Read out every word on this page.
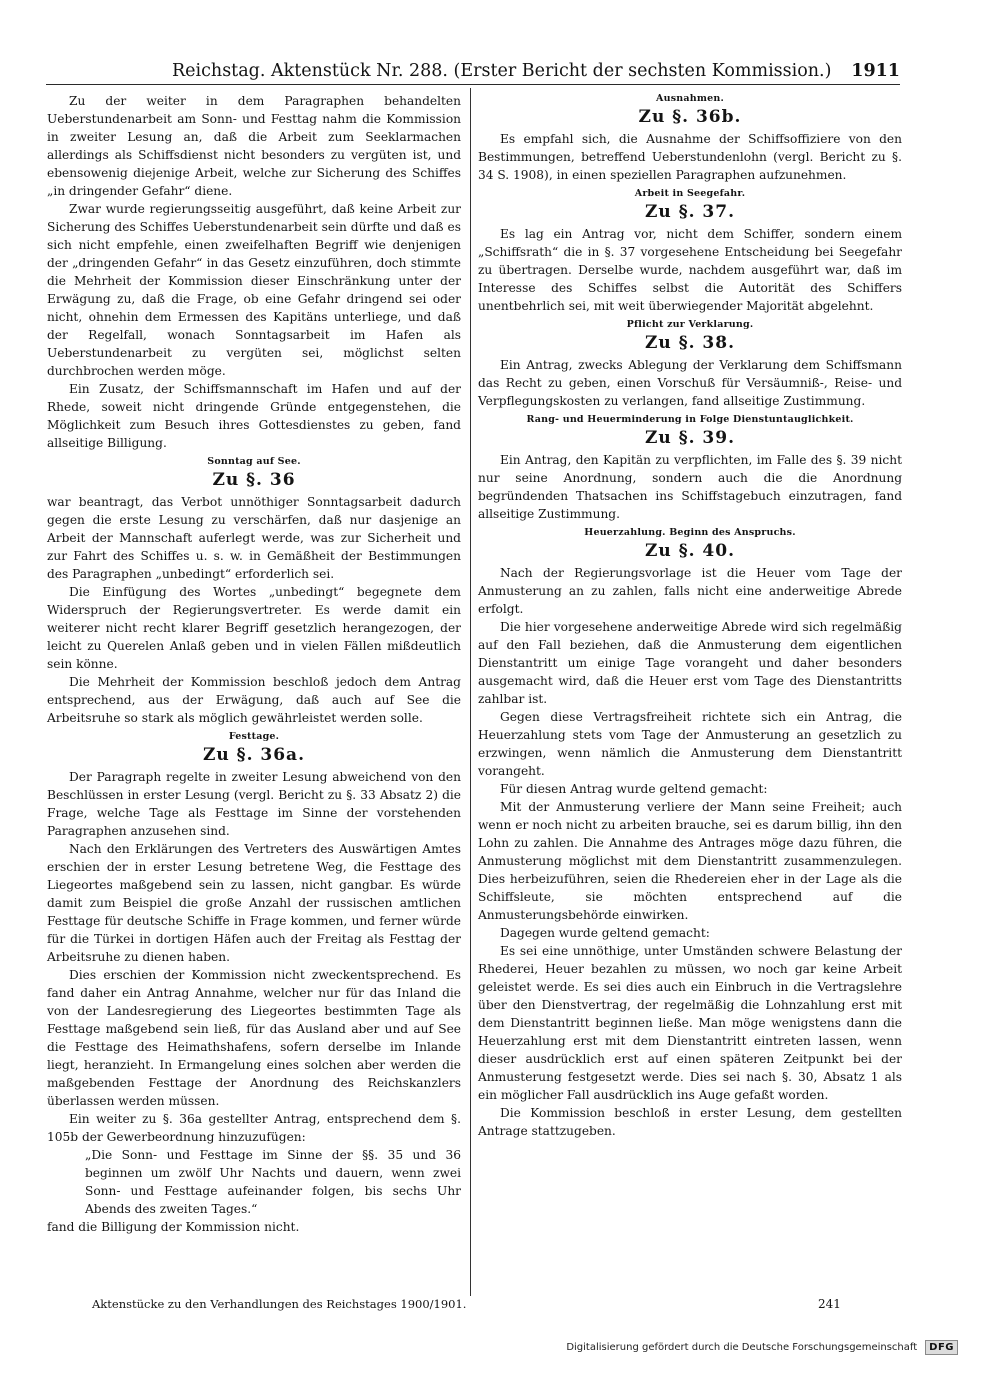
Reichstag. Aktenstück Nr. 288. (Erster Bericht der sechsten Kommission.) 1911

Zu der weiter in dem Paragraphen behandelten Ueberstundenarbeit am Sonn- und Festtag nahm die Kommission in zweiter Lesung an, daß die Arbeit zum Seeklarmachen allerdings als Schiffsdienst nicht besonders zu vergüten ist, und ebensowenig diejenige Arbeit, welche zur Sicherung des Schiffes „in dringender Gefahr“ diene.

Zwar wurde regierungsseitig ausgeführt, daß keine Arbeit zur Sicherung des Schiffes Ueberstundenarbeit sein dürfte und daß es sich nicht empfehle, einen zweifelhaften Begriff wie denjenigen der „dringenden Gefahr“ in das Gesetz einzuführen, doch stimmte die Mehrheit der Kommission dieser Einschränkung unter der Erwägung zu, daß die Frage, ob eine Gefahr dringend sei oder nicht, ohnehin dem Ermessen des Kapitäns unterliege, und daß der Regelfall, wonach Sonntagsarbeit im Hafen als Ueberstundenarbeit zu vergüten sei, möglichst selten durchbrochen werden möge.

Ein Zusatz, der Schiffsmannschaft im Hafen und auf der Rhede, soweit nicht dringende Gründe entgegenstehen, die Möglichkeit zum Besuch ihres Gottesdienstes zu geben, fand allseitige Billigung.

Sonntag auf See.

Zu §. 36

war beantragt, das Verbot unnöthiger Sonntagsarbeit dadurch gegen die erste Lesung zu verschärfen, daß nur dasjenige an Arbeit der Mannschaft auferlegt werde, was zur Sicherheit und zur Fahrt des Schiffes u. s. w. in Gemäßheit der Bestimmungen des Paragraphen „unbedingt“ erforderlich sei.

Die Einfügung des Wortes „unbedingt“ begegnete dem Widerspruch der Regierungsvertreter. Es werde damit ein weiterer nicht recht klarer Begriff gesetzlich herangezogen, der leicht zu Querelen Anlaß geben und in vielen Fällen mißdeutlich sein könne.

Die Mehrheit der Kommission beschloß jedoch dem Antrag entsprechend, aus der Erwägung, daß auch auf See die Arbeitsruhe so stark als möglich gewährleistet werden solle.

Festtage.

Zu §. 36a.

Der Paragraph regelte in zweiter Lesung abweichend von den Beschlüssen in erster Lesung (vergl. Bericht zu §. 33 Absatz 2) die Frage, welche Tage als Festtage im Sinne der vorstehenden Paragraphen anzusehen sind.

Nach den Erklärungen des Vertreters des Auswärtigen Amtes erschien der in erster Lesung betretene Weg, die Festtage des Liegeortes maßgebend sein zu lassen, nicht gangbar. Es würde damit zum Beispiel die große Anzahl der russischen amtlichen Festtage für deutsche Schiffe in Frage kommen, und ferner würde für die Türkei in dortigen Häfen auch der Freitag als Festtag der Arbeitsruhe zu dienen haben.

Dies erschien der Kommission nicht zweckentsprechend. Es fand daher ein Antrag Annahme, welcher nur für das Inland die von der Landesregierung des Liegeortes bestimmten Tage als Festtage maßgebend sein ließ, für das Ausland aber und auf See die Festtage des Heimathshafens, sofern derselbe im Inlande liegt, heranzieht. In Ermangelung eines solchen aber werden die maßgebenden Festtage der Anordnung des Reichskanzlers überlassen werden müssen.

Ein weiter zu §. 36a gestellter Antrag, entsprechend dem §. 105b der Gewerbeordnung hinzuzufügen:

„Die Sonn- und Festtage im Sinne der §§. 35 und 36 beginnen um zwölf Uhr Nachts und dauern, wenn zwei Sonn- und Festtage aufeinander folgen, bis sechs Uhr Abends des zweiten Tages.“

fand die Billigung der Kommission nicht.

Ausnahmen.

Zu §. 36b.

Es empfahl sich, die Ausnahme der Schiffsoffiziere von den Bestimmungen, betreffend Ueberstundenlohn (vergl. Bericht zu §. 34 S. 1908), in einen speziellen Paragraphen aufzunehmen.

Arbeit in Seegefahr.

Zu §. 37.

Es lag ein Antrag vor, nicht dem Schiffer, sondern einem „Schiffsrath“ die in §. 37 vorgesehene Entscheidung bei Seegefahr zu übertragen. Derselbe wurde, nachdem ausgeführt war, daß im Interesse des Schiffes selbst die Autorität des Schiffers unentbehrlich sei, mit weit überwiegender Majorität abgelehnt.

Pflicht zur Verklarung.

Zu §. 38.

Ein Antrag, zwecks Ablegung der Verklarung dem Schiffsmann das Recht zu geben, einen Vorschuß für Versäumniß-, Reise- und Verpflegungskosten zu verlangen, fand allseitige Zustimmung.

Rang- und Heuerminderung in Folge Dienstuntauglichkeit.

Zu §. 39.

Ein Antrag, den Kapitän zu verpflichten, im Falle des §. 39 nicht nur seine Anordnung, sondern auch die die Anordnung begründenden Thatsachen ins Schiffstagebuch einzutragen, fand allseitige Zustimmung.

Heuerzahlung. Beginn des Anspruchs.

Zu §. 40.

Nach der Regierungsvorlage ist die Heuer vom Tage der Anmusterung an zu zahlen, falls nicht eine anderweitige Abrede erfolgt.

Die hier vorgesehene anderweitige Abrede wird sich regelmäßig auf den Fall beziehen, daß die Anmusterung dem eigentlichen Dienstantritt um einige Tage vorangeht und daher besonders ausgemacht wird, daß die Heuer erst vom Tage des Dienstantritts zahlbar ist.

Gegen diese Vertragsfreiheit richtete sich ein Antrag, die Heuerzahlung stets vom Tage der Anmusterung an gesetzlich zu erzwingen, wenn nämlich die Anmusterung dem Dienstantritt vorangeht.

Für diesen Antrag wurde geltend gemacht:

Mit der Anmusterung verliere der Mann seine Freiheit; auch wenn er noch nicht zu arbeiten brauche, sei es darum billig, ihn den Lohn zu zahlen. Die Annahme des Antrages möge dazu führen, die Anmusterung möglichst mit dem Dienstantritt zusammenzulegen. Dies herbeizuführen, seien die Rhedereien eher in der Lage als die Schiffsleute, sie möchten entsprechend auf die Anmusterungsbehörde einwirken.

Dagegen wurde geltend gemacht:

Es sei eine unnöthige, unter Umständen schwere Belastung der Rhederei, Heuer bezahlen zu müssen, wo noch gar keine Arbeit geleistet werde. Es sei dies auch ein Einbruch in die Vertragslehre über den Dienstvertrag, der regelmäßig die Lohnzahlung erst mit dem Dienstantritt beginnen ließe. Man möge wenigstens dann die Heuerzahlung erst mit dem Dienstantritt eintreten lassen, wenn dieser ausdrücklich erst auf einen späteren Zeitpunkt bei der Anmusterung festgesetzt werde. Dies sei nach §. 30, Absatz 1 als ein möglicher Fall ausdrücklich ins Auge gefaßt worden.

Die Kommission beschloß in erster Lesung, dem gestellten Antrage stattzugeben.

Aktenstücke zu den Verhandlungen des Reichstages 1900/1901.	241
Digitalisierung gefördert durch die Deutsche Forschungsgemeinschaft	DFG
